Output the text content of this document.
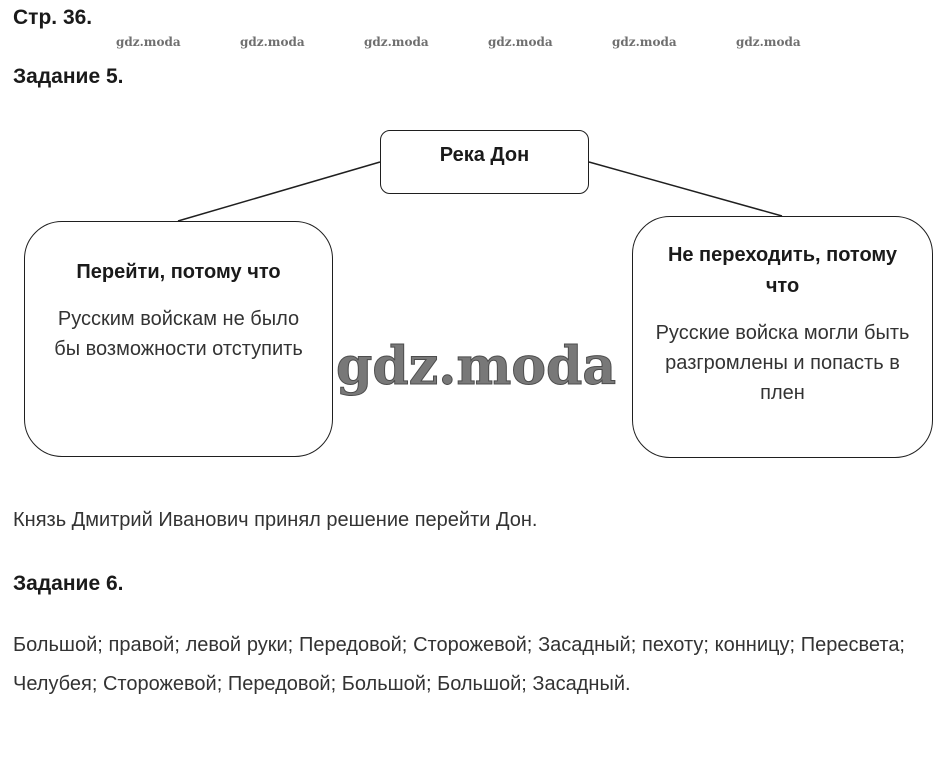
Стр. 36.
gdz.moda	gdz.moda	gdz.moda	gdz.moda	gdz.moda	gdz.moda
Задание 5.
Река Дон
Перейти, потому что
Русским войскам не было бы возможности отступить
Не переходить, потому что
Русские войска могли быть разгромлены и попасть в плен
gdz.moda
Князь Дмитрий Иванович принял решение перейти Дон.
Задание 6.

Большой; правой; левой руки; Передовой; Сторожевой; Засадный; пехоту; конницу; Пересвета; Челубея; Сторожевой; Передовой; Большой; Большой; Засадный.
